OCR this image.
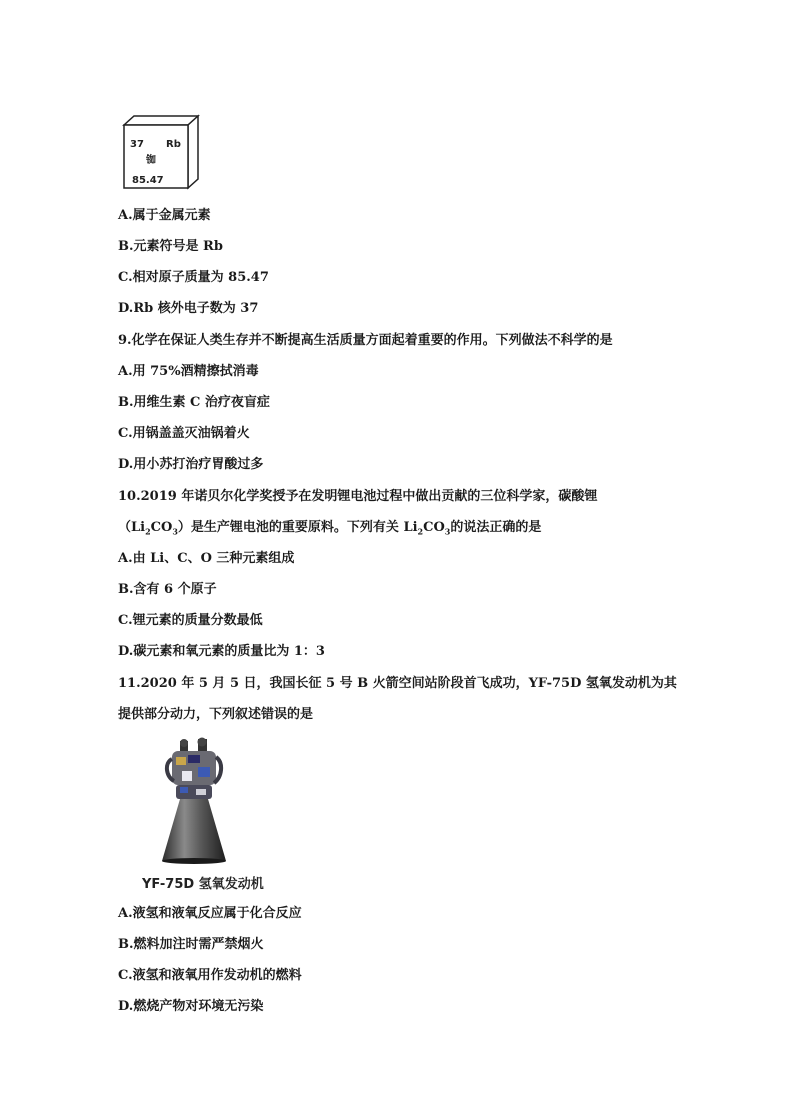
37 Rb
铷
85.47
A.属于金属元素
B.元素符号是 Rb
C.相对原子质量为 85.47
D.Rb 核外电子数为 37
9.化学在保证人类生存并不断提高生活质量方面起着重要的作用。下列做法不科学的是
A.用 75%酒精擦拭消毒
B.用维生素 C 治疗夜盲症
C.用锅盖盖灭油锅着火
D.用小苏打治疗胃酸过多
10.2019 年诺贝尔化学奖授予在发明锂电池过程中做出贡献的三位科学家，碳酸锂
$(Li_2CO_3)$是生产锂电池的重要原料。下列有关 $Li_2CO_3$的说法正确的是
A.由 Li、C、O 三种元素组成
B.含有 6 个原子
C.锂元素的质量分数最低
D.碳元素和氧元素的质量比为 1：3
11.2020 年 5 月 5 日，我国长征 5 号 B 火箭空间站阶段首飞成功，YF-75D 氢氧发动机为其
提供部分动力，下列叙述错误的是
YF-75D 氢氧发动机
A.液氢和液氧反应属于化合反应
B.燃料加注时需严禁烟火
C.液氢和液氧用作发动机的燃料
D.燃烧产物对环境无污染
